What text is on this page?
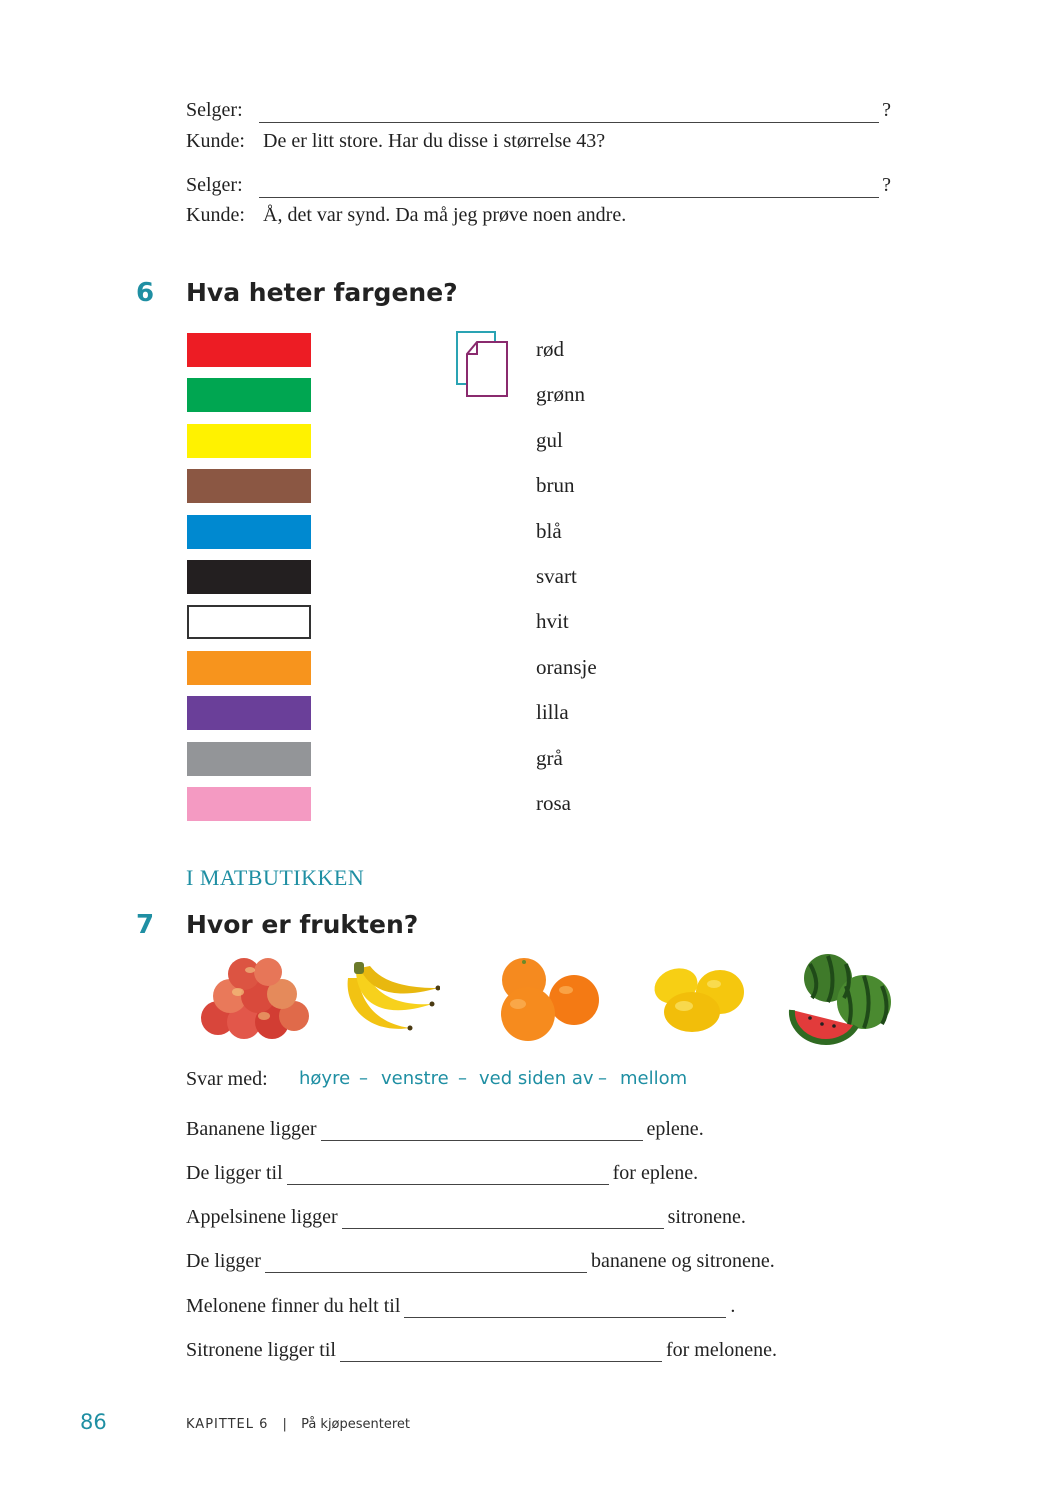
Selger:	?
Kunde: De er litt store. Har du disse i størrelse 43?
Selger:	?
Kunde: Å, det var synd. Da må jeg prøve noen andre.
6 Hva heter fargene?
rød
grønn
gul
brun
blå
svart
hvit
oransje
lilla
grå
rosa
I MATBUTIKKEN
7 Hvor er frukten?
Svar med: høyre – venstre – ved siden av – mellom
Bananene ligger	eplene.
De ligger til	for eplene.
Appelsinene ligger	sitronene.
De ligger	bananene og sitronene.
Melonene finner du helt til	.
Sitronene ligger til	for melonene.
86	KAPITTEL 6 | På kjøpesenteret
